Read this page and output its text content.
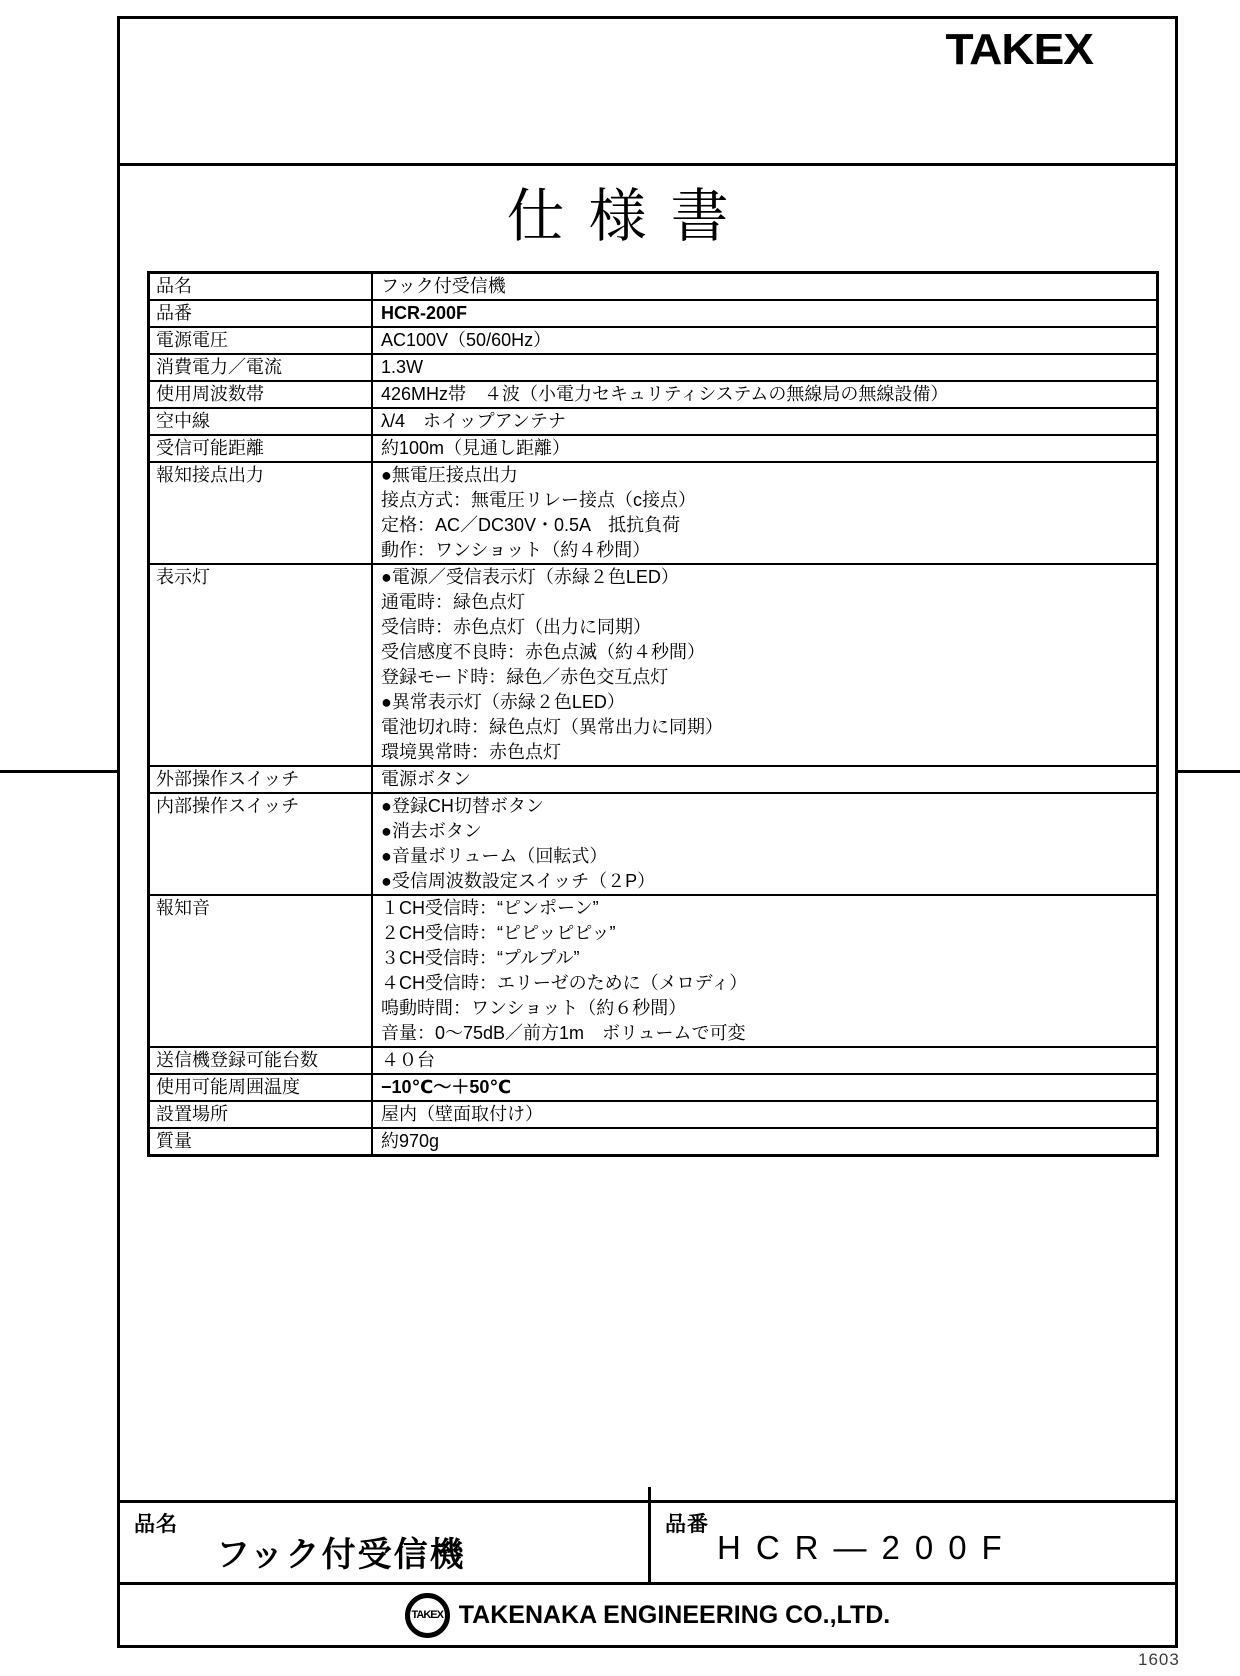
TAKEX
仕様書
品名	フック付受信機
品番	HCR-200F
電源電圧	AC100V（50/60Hz）
消費電力／電流	1.3W
使用周波数帯	426MHz帯　４波（小電力セキュリティシステムの無線局の無線設備）
空中線	λ/4　ホイップアンテナ
受信可能距離	約100m（見通し距離）
報知接点出力	●無電圧接点出力
接点方式：無電圧リレー接点（c接点）
定格：AC／DC30V・0.5A　抵抗負荷
動作：ワンショット（約４秒間）
表示灯	●電源／受信表示灯（赤緑２色LED）
通電時：緑色点灯
受信時：赤色点灯（出力に同期）
受信感度不良時：赤色点滅（約４秒間）
登録モード時：緑色／赤色交互点灯
●異常表示灯（赤緑２色LED）
電池切れ時：緑色点灯（異常出力に同期）
環境異常時：赤色点灯
外部操作スイッチ	電源ボタン
内部操作スイッチ	●登録CH切替ボタン
●消去ボタン
●音量ボリューム（回転式）
●受信周波数設定スイッチ（２P）
報知音	１CH受信時：“ピンポーン”
２CH受信時：“ピピッピピッ”
３CH受信時：“プルプル”
４CH受信時：エリーゼのために（メロディ）
鳴動時間：ワンショット（約６秒間）
音量：0～75dB／前方1m　ボリュームで可変
送信機登録可能台数	４０台
使用可能周囲温度	−10℃～＋50℃
設置場所	屋内（壁面取付け）
質量	約970g
品名
フック付受信機
品番
HCR—200F
TAKEX TAKENAKA ENGINEERING CO.,LTD.
1603
